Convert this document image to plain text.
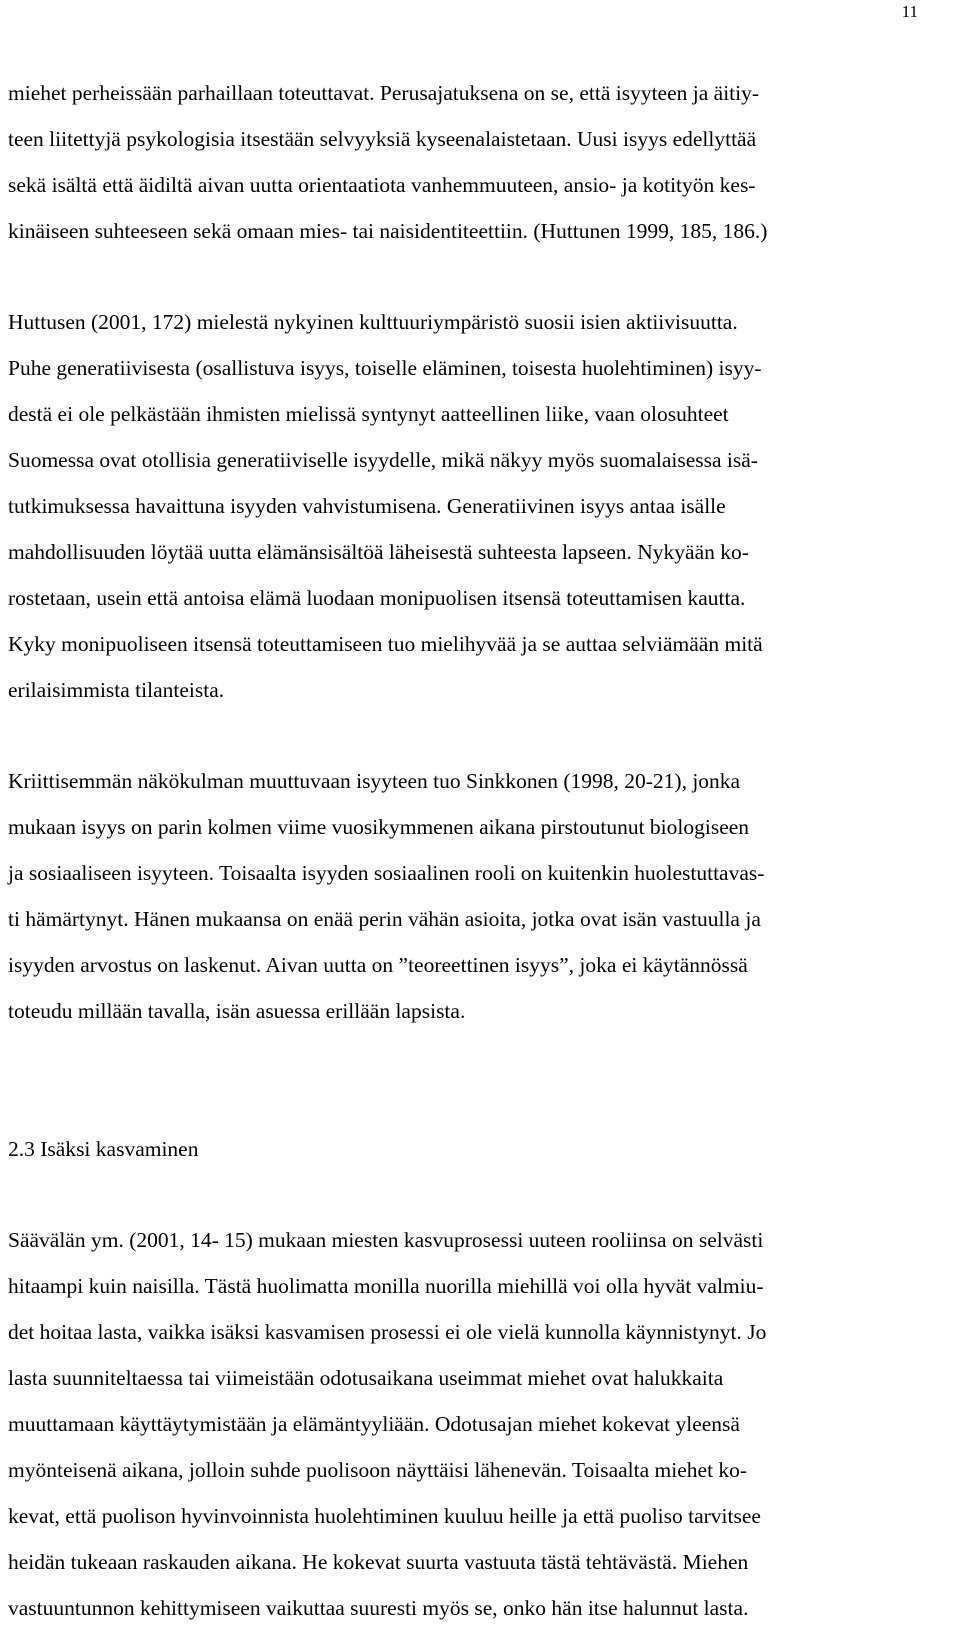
11
miehet perheissään parhaillaan toteuttavat. Perusajatuksena on se, että isyyteen ja äitiy-
teen liitettyjä psykologisia itsestään selvyyksiä kyseenalaistetaan. Uusi isyys edellyttää
sekä isältä että äidiltä aivan uutta orientaatiota vanhemmuuteen, ansio- ja kotityön kes-
kinäiseen suhteeseen sekä omaan mies- tai naisidentiteettiin. (Huttunen 1999, 185, 186.)
Huttusen (2001, 172) mielestä nykyinen kulttuuriympäristö suosii isien aktiivisuutta.
Puhe generatiivisesta (osallistuva isyys, toiselle eläminen, toisesta huolehtiminen) isyy-
destä ei ole pelkästään ihmisten mielissä syntynyt aatteellinen liike, vaan olosuhteet
Suomessa ovat otollisia generatiiviselle isyydelle, mikä näkyy myös suomalaisessa isä-
tutkimuksessa havaittuna isyyden vahvistumisena. Generatiivinen isyys antaa isälle
mahdollisuuden löytää uutta elämänsisältöä läheisestä suhteesta lapseen. Nykyään ko-
rostetaan, usein että antoisa elämä luodaan monipuolisen itsensä toteuttamisen kautta.
Kyky monipuoliseen itsensä toteuttamiseen tuo mielihyvää ja se auttaa selviämään mitä
erilaisimmista tilanteista.
Kriittisemmän näkökulman muuttuvaan isyyteen tuo Sinkkonen (1998, 20-21), jonka
mukaan isyys on parin kolmen viime vuosikymmenen aikana pirstoutunut biologiseen
ja sosiaaliseen isyyteen. Toisaalta isyyden sosiaalinen rooli on kuitenkin huolestuttavas-
ti hämärtynyt. Hänen mukaansa on enää perin vähän asioita, jotka ovat isän vastuulla ja
isyyden arvostus on laskenut. Aivan uutta on ”teoreettinen isyys”, joka ei käytännössä
toteudu millään tavalla, isän asuessa erillään lapsista.
2.3 Isäksi kasvaminen
Säävälän ym. (2001, 14- 15) mukaan miesten kasvuprosessi uuteen rooliinsa on selvästi
hitaampi kuin naisilla. Tästä huolimatta monilla nuorilla miehillä voi olla hyvät valmiu-
det hoitaa lasta, vaikka isäksi kasvamisen prosessi ei ole vielä kunnolla käynnistynyt. Jo
lasta suunniteltaessa tai viimeistään odotusaikana useimmat miehet ovat halukkaita
muuttamaan käyttäytymistään ja elämäntyyliään. Odotusajan miehet kokevat yleensä
myönteisenä aikana, jolloin suhde puolisoon näyttäisi lähenevän. Toisaalta miehet ko-
kevat, että puolison hyvinvoinnista huolehtiminen kuuluu heille ja että puoliso tarvitsee
heidän tukeaan raskauden aikana. He kokevat suurta vastuuta tästä tehtävästä. Miehen
vastuuntunnon kehittymiseen vaikuttaa suuresti myös se, onko hän itse halunnut lasta.
